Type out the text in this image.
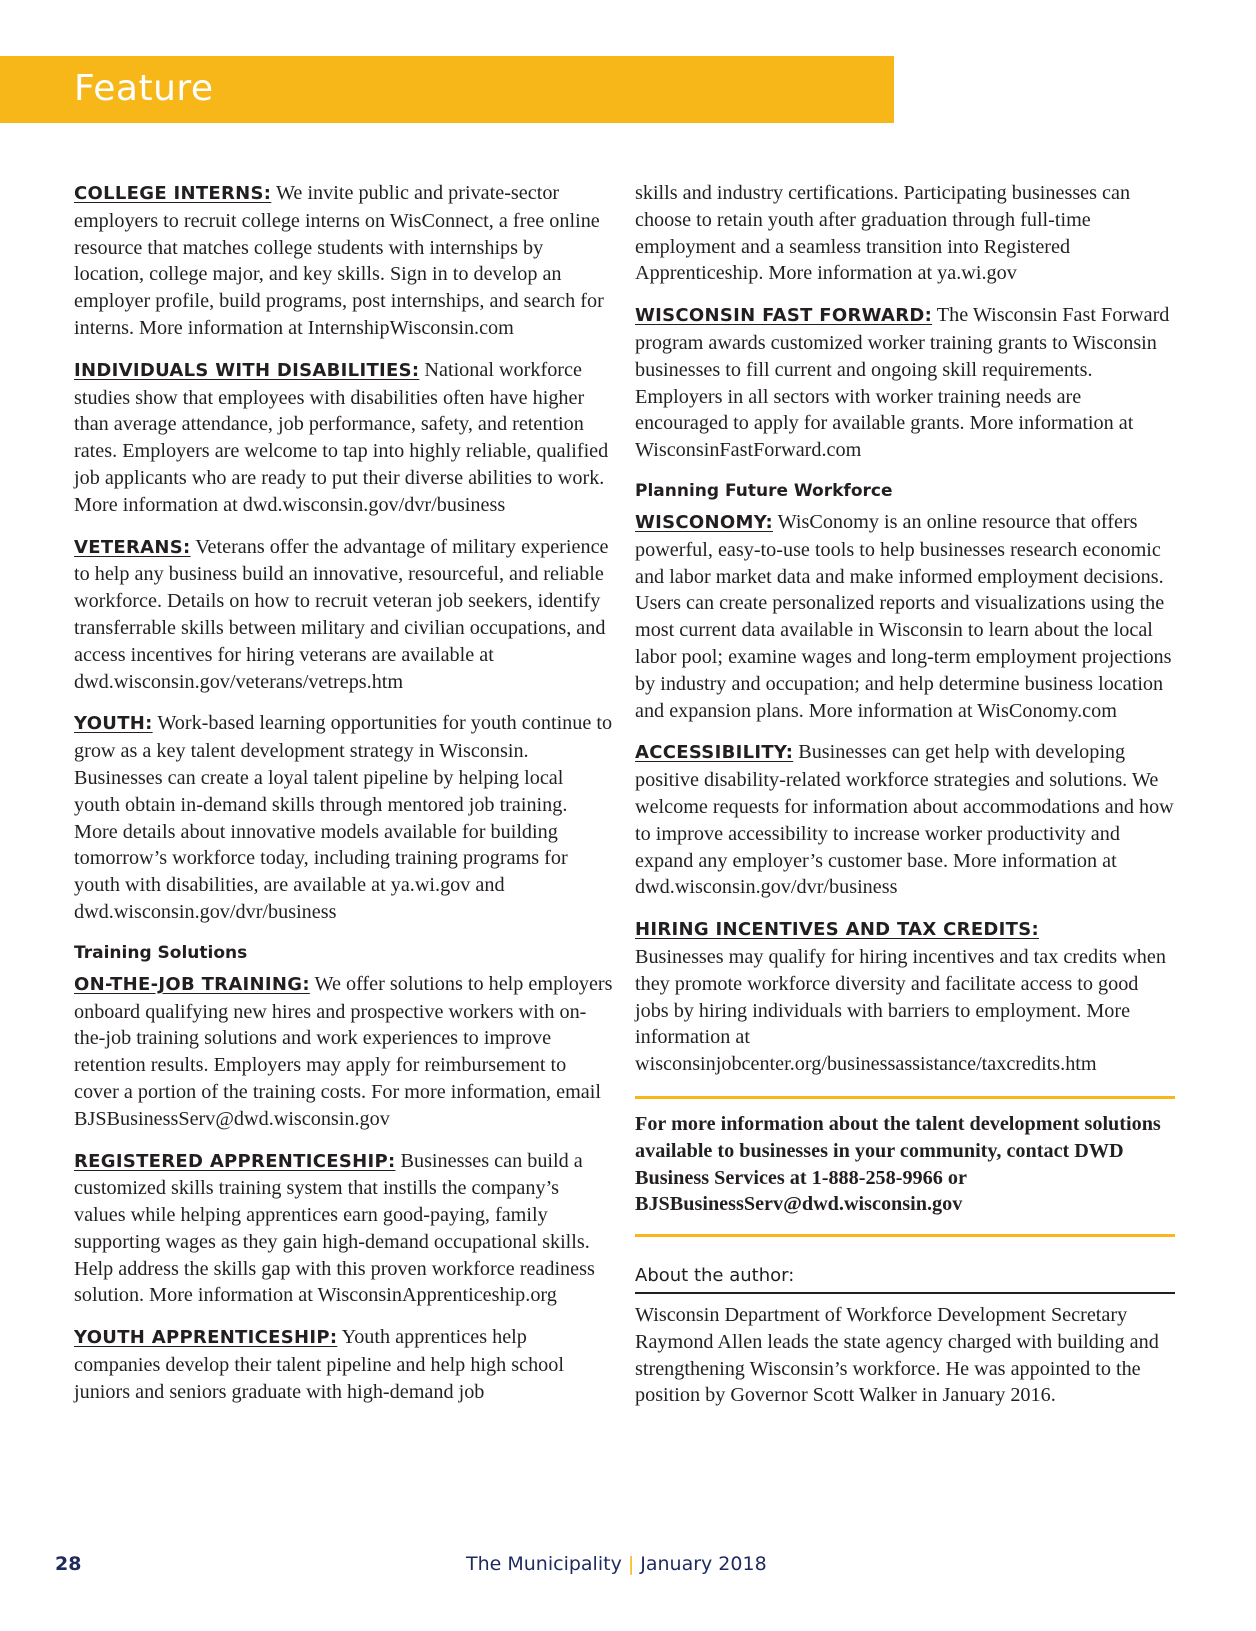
Feature

COLLEGE INTERNS: We invite public and private-sector employers to recruit college interns on WisConnect, a free online resource that matches college students with internships by location, college major, and key skills. Sign in to develop an employer profile, build programs, post internships, and search for interns. More information at InternshipWisconsin.com

INDIVIDUALS WITH DISABILITIES: National workforce studies show that employees with disabilities often have higher than average attendance, job performance, safety, and retention rates. Employers are welcome to tap into highly reliable, qualified job applicants who are ready to put their diverse abilities to work. More information at dwd.wisconsin.gov/dvr/business

VETERANS: Veterans offer the advantage of military experience to help any business build an innovative, resourceful, and reliable workforce. Details on how to recruit veteran job seekers, identify transferrable skills between military and civilian occupations, and access incentives for hiring veterans are available at dwd.wisconsin.gov/veterans/vetreps.htm

YOUTH: Work-based learning opportunities for youth continue to grow as a key talent development strategy in Wisconsin. Businesses can create a loyal talent pipeline by helping local youth obtain in-demand skills through mentored job training. More details about innovative models available for building tomorrow’s workforce today, including training programs for youth with disabilities, are available at ya.wi.gov and dwd.wisconsin.gov/dvr/business

Training Solutions

ON-THE-JOB TRAINING: We offer solutions to help employers onboard qualifying new hires and prospective workers with on-the-job training solutions and work experiences to improve retention results. Employers may apply for reimbursement to cover a portion of the training costs. For more information, email BJSBusinessServ@dwd.wisconsin.gov

REGISTERED APPRENTICESHIP: Businesses can build a customized skills training system that instills the company’s values while helping apprentices earn good-paying, family supporting wages as they gain high-demand occupational skills. Help address the skills gap with this proven workforce readiness solution. More information at WisconsinApprenticeship.org

YOUTH APPRENTICESHIP: Youth apprentices help companies develop their talent pipeline and help high school juniors and seniors graduate with high-demand job

skills and industry certifications. Participating businesses can choose to retain youth after graduation through full-time employment and a seamless transition into Registered Apprenticeship. More information at ya.wi.gov

WISCONSIN FAST FORWARD: The Wisconsin Fast Forward program awards customized worker training grants to Wisconsin businesses to fill current and ongoing skill requirements. Employers in all sectors with worker training needs are encouraged to apply for available grants. More information at WisconsinFastForward.com

Planning Future Workforce

WISCONOMY: WisConomy is an online resource that offers powerful, easy-to-use tools to help businesses research economic and labor market data and make informed employment decisions. Users can create personalized reports and visualizations using the most current data available in Wisconsin to learn about the local labor pool; examine wages and long-term employment projections by industry and occupation; and help determine business location and expansion plans. More information at WisConomy.com

ACCESSIBILITY: Businesses can get help with developing positive disability-related workforce strategies and solutions. We welcome requests for information about accommodations and how to improve accessibility to increase worker productivity and expand any employer’s customer base. More information at dwd.wisconsin.gov/dvr/business

HIRING INCENTIVES AND TAX CREDITS:
Businesses may qualify for hiring incentives and tax credits when they promote workforce diversity and facilitate access to good jobs by hiring individuals with barriers to employment. More information at wisconsinjobcenter.org/businessassistance/taxcredits.htm

For more information about the talent development solutions available to businesses in your community, contact DWD Business Services at 1-888-258-9966 or BJSBusinessServ@dwd.wisconsin.gov
About the author:

Wisconsin Department of Workforce Development Secretary Raymond Allen leads the state agency charged with building and strengthening Wisconsin’s workforce. He was appointed to the position by Governor Scott Walker in January 2016.

28	The Municipality | January 2018
